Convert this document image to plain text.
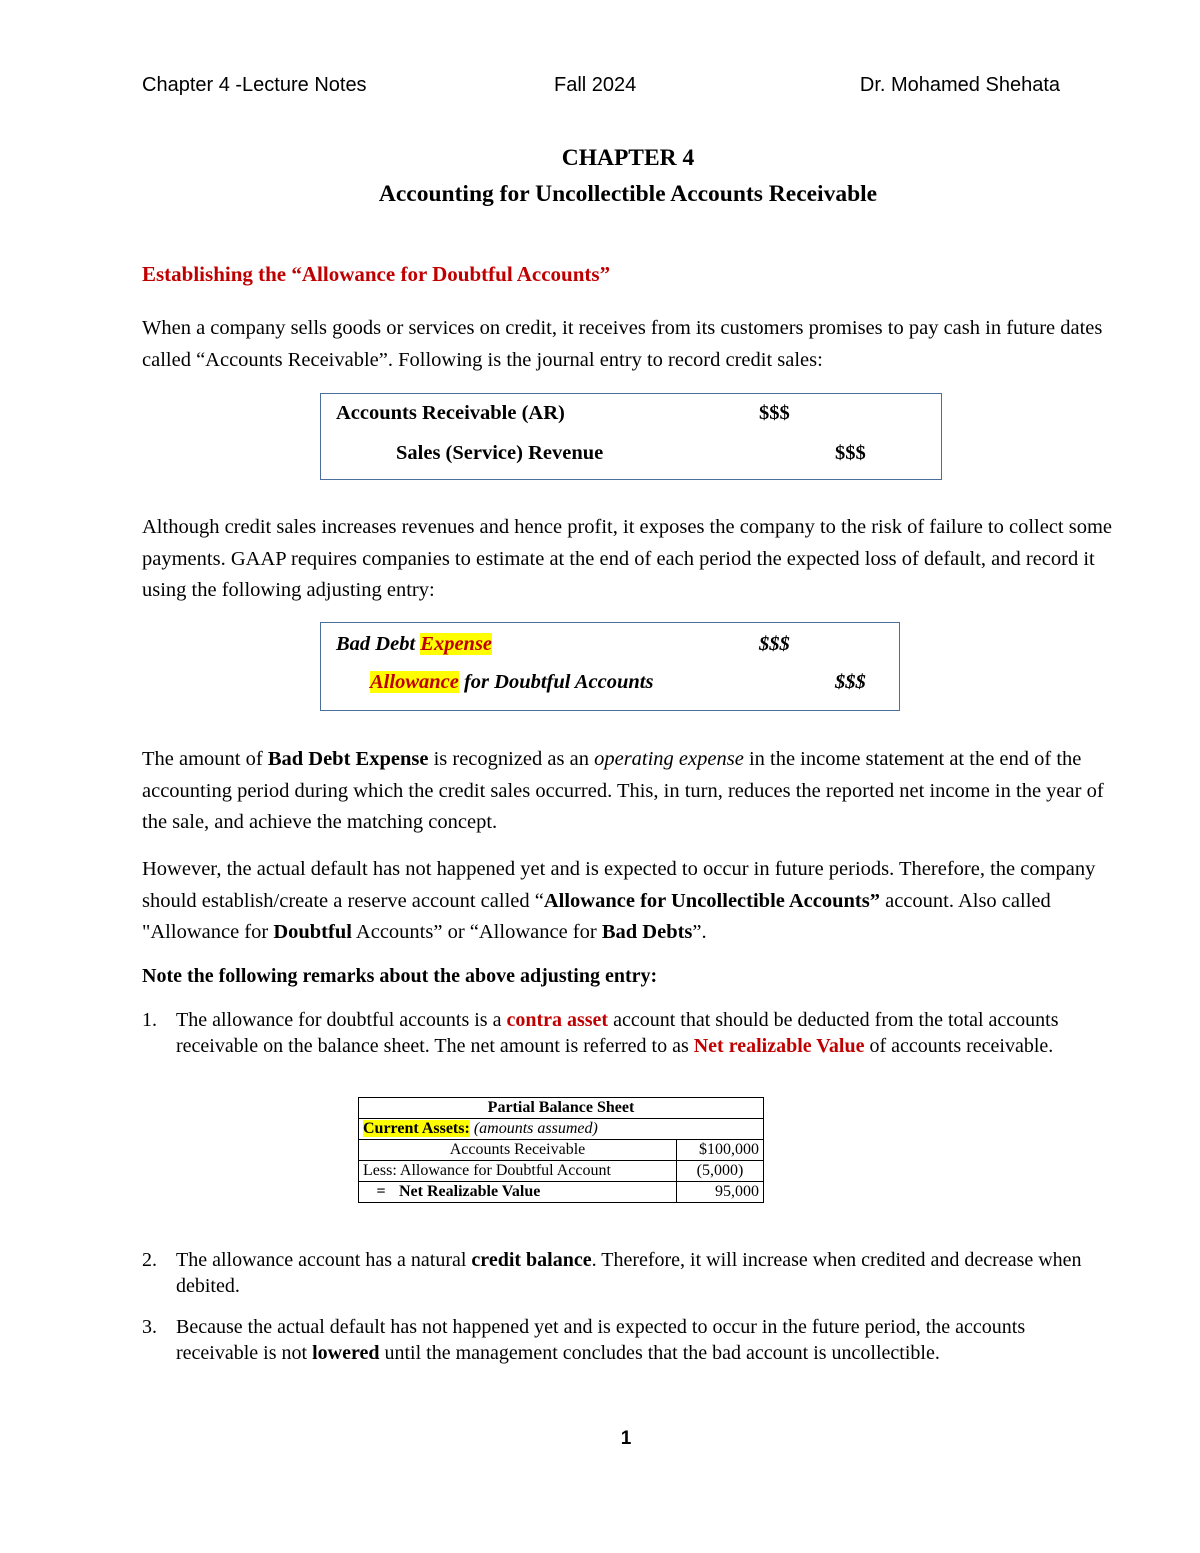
Chapter 4 -Lecture Notes	Fall 2024	Dr. Mohamed Shehata
CHAPTER 4
Accounting for Uncollectible Accounts Receivable
Establishing the “Allowance for Doubtful Accounts”
When a company sells goods or services on credit, it receives from its customers promises to pay cash in future dates called “Accounts Receivable”. Following is the journal entry to record credit sales:
Accounts Receivable (AR)	$$$
Sales (Service) Revenue	$$$
Although credit sales increases revenues and hence profit, it exposes the company to the risk of failure to collect some payments. GAAP requires companies to estimate at the end of each period the expected loss of default, and record it using the following adjusting entry:
Bad Debt Expense	$$$
Allowance for Doubtful Accounts	$$$
The amount of Bad Debt Expense is recognized as an operating expense in the income statement at the end of the accounting period during which the credit sales occurred. This, in turn, reduces the reported net income in the year of the sale, and achieve the matching concept.
However, the actual default has not happened yet and is expected to occur in future periods. Therefore, the company should establish/create a reserve account called “Allowance for Uncollectible Accounts” account. Also called "Allowance for Doubtful Accounts” or “Allowance for Bad Debts”.
Note the following remarks about the above adjusting entry:
1. The allowance for doubtful accounts is a contra asset account that should be deducted from the total accounts receivable on the balance sheet. The net amount is referred to as Net realizable Value of accounts receivable.
Partial Balance Sheet	
Current Assets: (amounts assumed)	
Accounts Receivable	$100,000
Less: Allowance for Doubtful Account	(5,000)
= Net Realizable Value	95,000
2. The allowance account has a natural credit balance. Therefore, it will increase when credited and decrease when debited.
3. Because the actual default has not happened yet and is expected to occur in the future period, the accounts receivable is not lowered until the management concludes that the bad account is uncollectible.
1
